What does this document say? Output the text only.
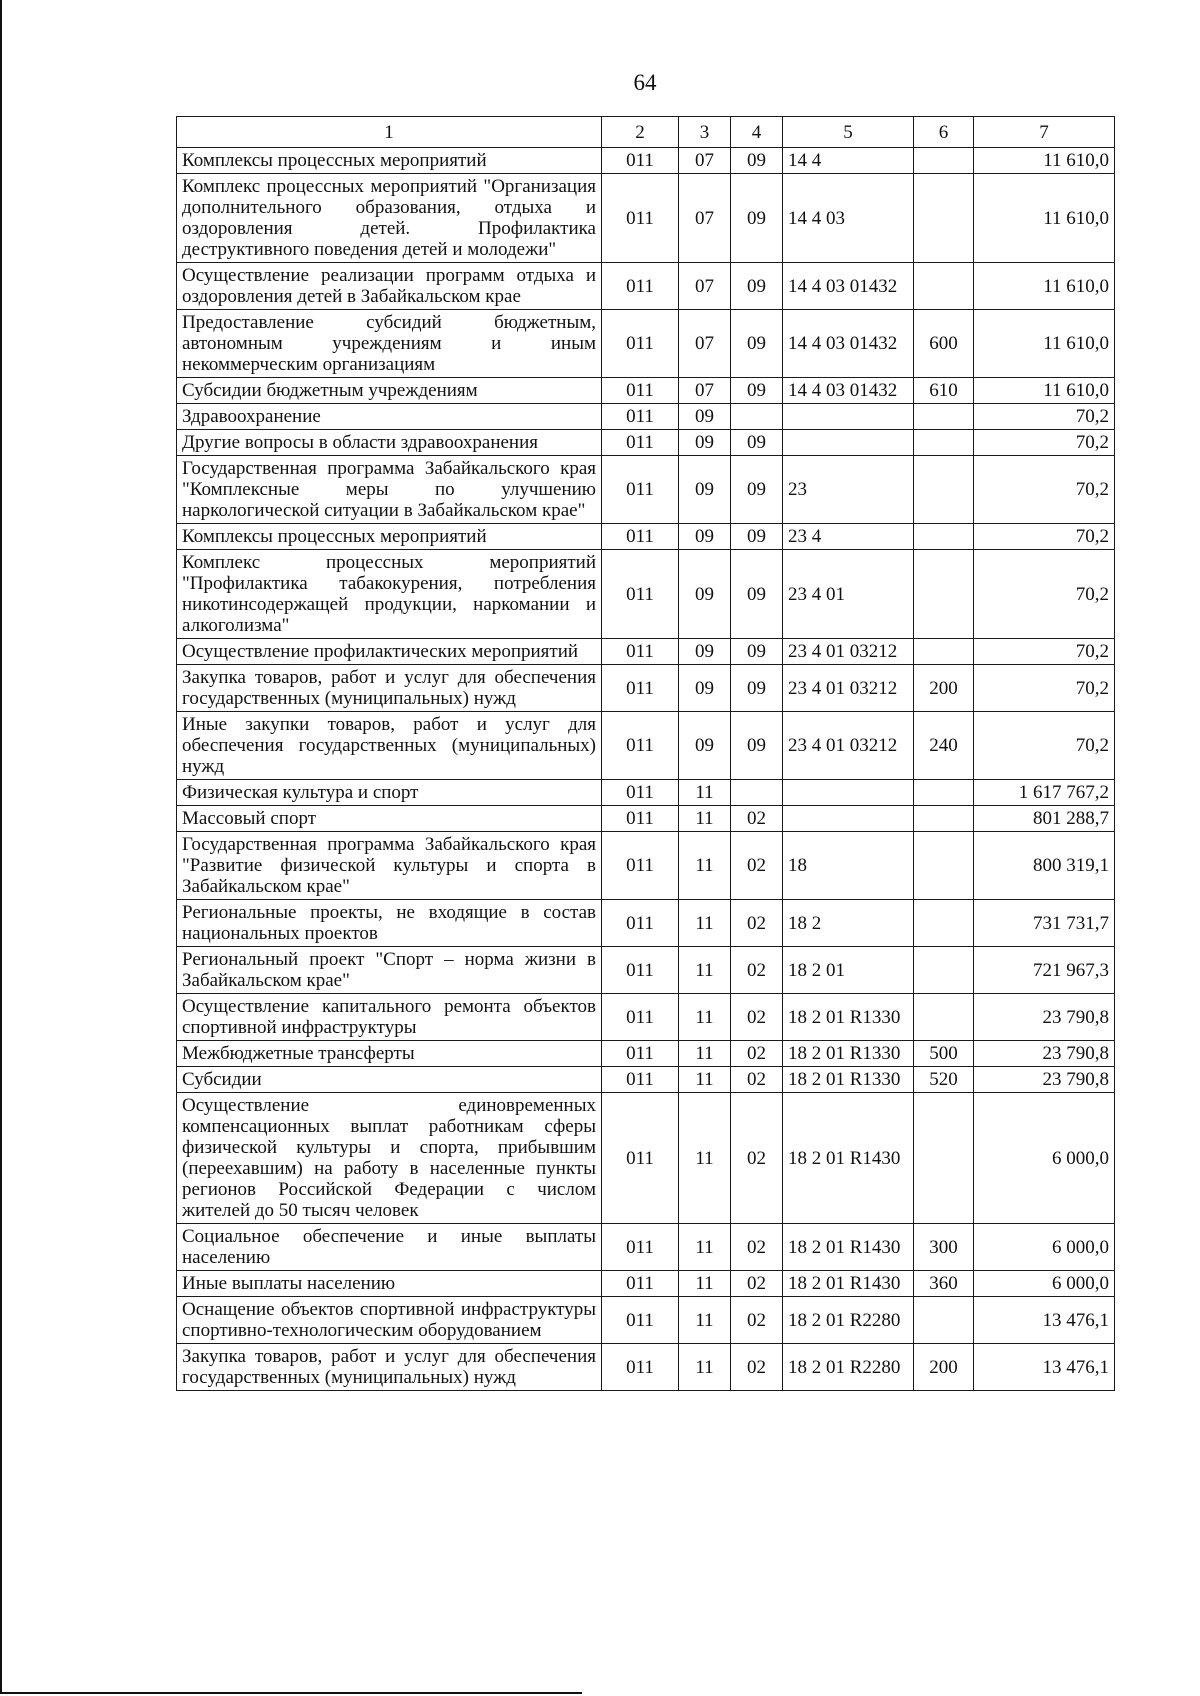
64
1	2	3	4	5	6	7
Комплексы процессных мероприятий	011	07	09	14 4		11 610,0
Комплекс процессных мероприятий "Организация дополнительного образования, отдыха и оздоровления детей. Профилактика деструктивного поведения детей и молодежи"	011	07	09	14 4 03		11 610,0
Осуществление реализации программ отдыха и оздоровления детей в Забайкальском крае	011	07	09	14 4 03 01432		11 610,0
Предоставление субсидий бюджетным, автономным учреждениям и иным некоммерческим организациям	011	07	09	14 4 03 01432	600	11 610,0
Субсидии бюджетным учреждениям	011	07	09	14 4 03 01432	610	11 610,0
Здравоохранение	011	09				70,2
Другие вопросы в области здравоохранения	011	09	09			70,2
Государственная программа Забайкальского края "Комплексные меры по улучшению наркологической ситуации в Забайкальском крае"	011	09	09	23		70,2
Комплексы процессных мероприятий	011	09	09	23 4		70,2
Комплекс процессных мероприятий "Профилактика табакокурения, потребления никотинсодержащей продукции, наркомании и алкоголизма"	011	09	09	23 4 01		70,2
Осуществление профилактических мероприятий	011	09	09	23 4 01 03212		70,2
Закупка товаров, работ и услуг для обеспечения государственных (муниципальных) нужд	011	09	09	23 4 01 03212	200	70,2
Иные закупки товаров, работ и услуг для обеспечения государственных (муниципальных) нужд	011	09	09	23 4 01 03212	240	70,2
Физическая культура и спорт	011	11				1 617 767,2
Массовый спорт	011	11	02			801 288,7
Государственная программа Забайкальского края "Развитие физической культуры и спорта в Забайкальском крае"	011	11	02	18		800 319,1
Региональные проекты, не входящие в состав национальных проектов	011	11	02	18 2		731 731,7
Региональный проект "Спорт – норма жизни в Забайкальском крае"	011	11	02	18 2 01		721 967,3
Осуществление капитального ремонта объектов спортивной инфраструктуры	011	11	02	18 2 01 R1330		23 790,8
Межбюджетные трансферты	011	11	02	18 2 01 R1330	500	23 790,8
Субсидии	011	11	02	18 2 01 R1330	520	23 790,8
Осуществление единовременных компенсационных выплат работникам сферы физической культуры и спорта, прибывшим (переехавшим) на работу в населенные пункты регионов Российской Федерации с числом жителей до 50 тысяч человек	011	11	02	18 2 01 R1430		6 000,0
Социальное обеспечение и иные выплаты населению	011	11	02	18 2 01 R1430	300	6 000,0
Иные выплаты населению	011	11	02	18 2 01 R1430	360	6 000,0
Оснащение объектов спортивной инфраструктуры спортивно-технологическим оборудованием	011	11	02	18 2 01 R2280		13 476,1
Закупка товаров, работ и услуг для обеспечения государственных (муниципальных) нужд	011	11	02	18 2 01 R2280	200	13 476,1
